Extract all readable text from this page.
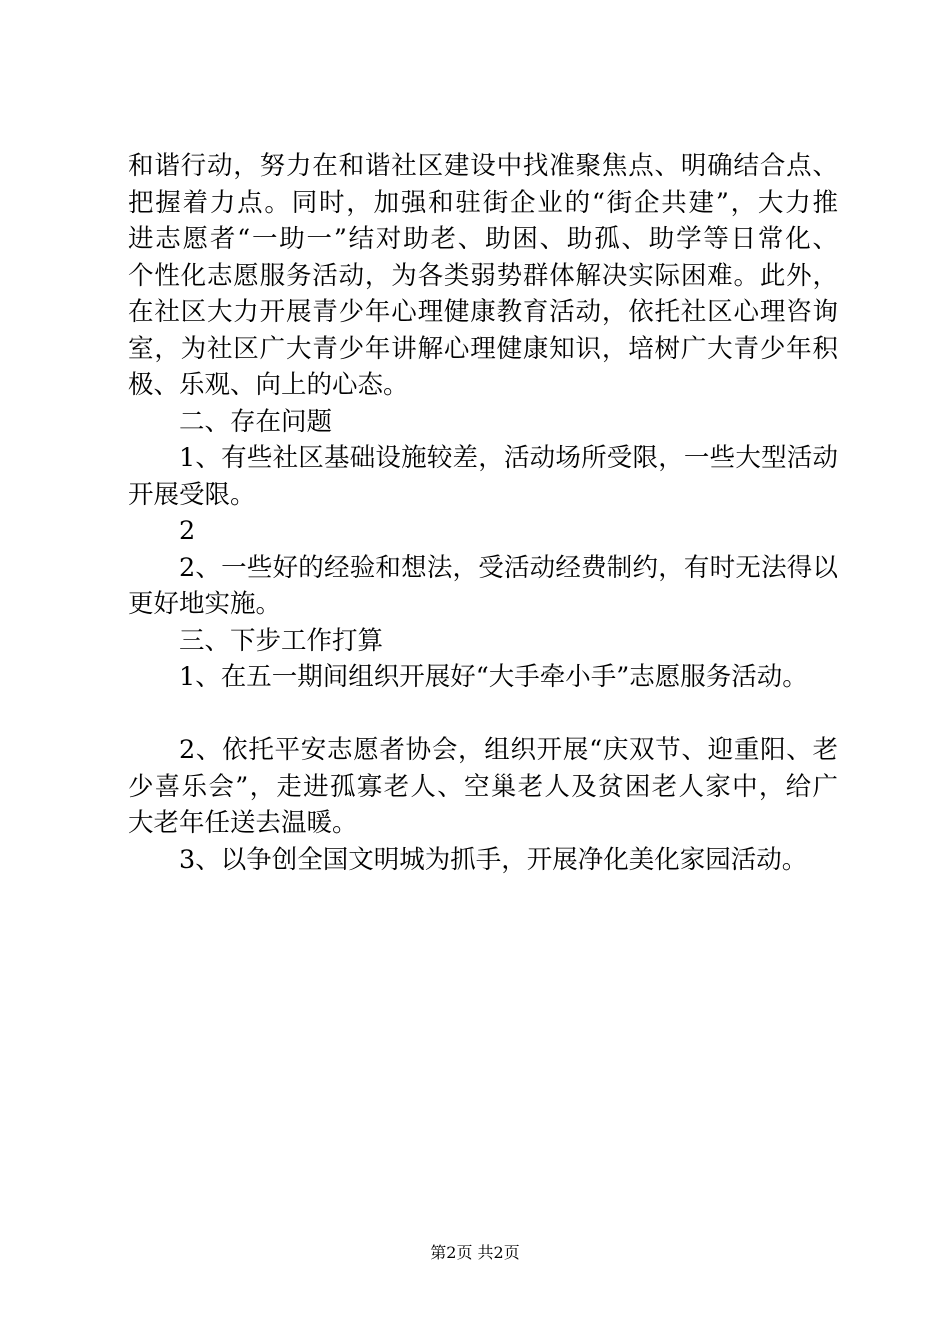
和谐行动，努力在和谐社区建设中找准聚焦点、明确结合点、
把握着力点。同时，加强和驻街企业的“街企共建”，大力推
进志愿者“一助一”结对助老、助困、助孤、助学等日常化、
个性化志愿服务活动，为各类弱势群体解决实际困难。此外，
在社区大力开展青少年心理健康教育活动，依托社区心理咨询
室，为社区广大青少年讲解心理健康知识，培树广大青少年积
极、乐观、向上的心态。
二、存在问题
1、有些社区基础设施较差，活动场所受限，一些大型活动
开展受限。
2
2、一些好的经验和想法，受活动经费制约，有时无法得以
更好地实施。
三、下步工作打算
1、在五一期间组织开展好“大手牵小手”志愿服务活动。
2、依托平安志愿者协会，组织开展“庆双节、迎重阳、老
少喜乐会”，走进孤寡老人、空巢老人及贫困老人家中，给广
大老年任送去温暖。
3、以争创全国文明城为抓手，开展净化美化家园活动。
第2页 共2页
